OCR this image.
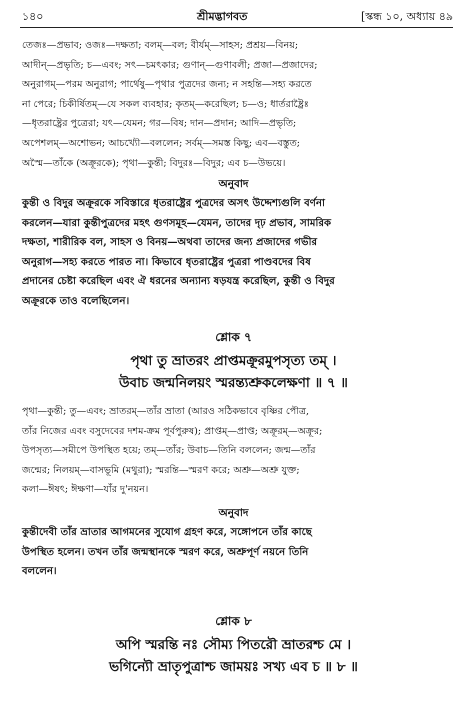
১৪০	শ্রীমদ্ভাগবত	[স্কন্ধ ১০, অধ্যায় ৪৯

তেজঃ—প্রভাব; ওজঃ—দক্ষতা; বলম্—বল; বীর্যম্—সাহস; প্রশ্রয়—বিনয়;

আদীন্—প্রভৃতি; চ—এবং; সৎ—চমৎকার; গুণান্—গুণাবলী; প্রজা—প্রজাদের;

অনুরাগম্—পরম অনুরাগ; পার্থেষু—পৃথার পুত্রদের জন্য; ন সহন্তি—সহ্য করতে

না পেরে; চিকীর্ষিতম্—যে সকল ব্যবহার; কৃতম্—করেছিল; চ—ও; ধার্তরাষ্ট্রৈঃ

—ধৃতরাষ্ট্রের পুত্রেরা; যৎ—যেমন; গর—বিষ; দান—প্রদান; আদি—প্রভৃতি;

অপেশলম্—অশোভন; আচখ্যৌ—বললেন; সর্বম্—সমস্ত কিছু; এব—বস্তুত;

অস্মৈ—তাঁকে (অক্রূরকে); পৃথা—কুন্তী; বিদুরঃ—বিদুর; এব চ—উভয়ে।

অনুবাদ

কুন্তী ও বিদুর অক্রূরকে সবিস্তারে ধৃতরাষ্ট্রের পুত্রদের অসৎ উদ্দেশ্যগুলি বর্ণনা

করলেন—যারা কুন্তীপুত্রদের মহৎ গুণসমূহ—যেমন, তাদের দৃঢ় প্রভাব, সামরিক

দক্ষতা, শারীরিক বল, সাহস ও বিনয়—অথবা তাদের জন্য প্রজাদের গভীর

অনুরাগ—সহ্য করতে পারত না। কিভাবে ধৃতরাষ্ট্রের পুত্ররা পাণ্ডবদের বিষ

প্রদানের চেষ্টা করেছিল এবং ঐ ধরনের অন্যান্য ষড়যন্ত্র করেছিল, কুন্তী ও বিদুর

অক্রূরকে তাও বলেছিলেন।

শ্লোক ৭

পৃথা তু ভ্রাতরং প্রাপ্তমক্রূরমুপসৃত্য তম্ ।

উবাচ জন্মনিলয়ং স্মরন্ত্যশ্রুকলেক্ষণা ॥ ৭ ॥

পৃথা—কুন্তী; তু—এবং; ভ্রাতরম্—তাঁর ভ্রাতা (আরও সঠিকভাবে বৃষ্ণির পৌত্র,

তাঁর নিজের এবং বসুদেবের দশম-ক্রম পূর্বপুরুষ); প্রাপ্তম্—প্রাপ্ত; অক্রূরম্—অক্রূর;

উপসৃত্য—সমীপে উপস্থিত হয়ে; তম্—তাঁর; উবাচ—তিনি বললেন; জন্ম—তাঁর

জন্মের; নিলয়ম্—বাসভূমি (মথুরা); স্মরন্তি—স্মরণ করে; অশ্রু—অশ্রু যুক্ত;

কলা—ঈষৎ; ঈক্ষণা—যাঁর দু'নয়ন।

অনুবাদ

কুন্তীদেবী তাঁর ভ্রাতার আগমনের সুযোগ গ্রহণ করে, সঙ্গোপনে তাঁর কাছে

উপস্থিত হলেন। তখন তাঁর জন্মস্থানকে স্মরণ করে, অশ্রুপূর্ণ নয়নে তিনি

বললেন।

শ্লোক ৮

অপি স্মরন্তি নঃ সৌম্য পিতরৌ ভ্রাতরশ্চ মে ।

ভগিন্যৌ ভ্রাতৃপুত্রাশ্চ জাময়ঃ সখ্য এব চ ॥ ৮ ॥
